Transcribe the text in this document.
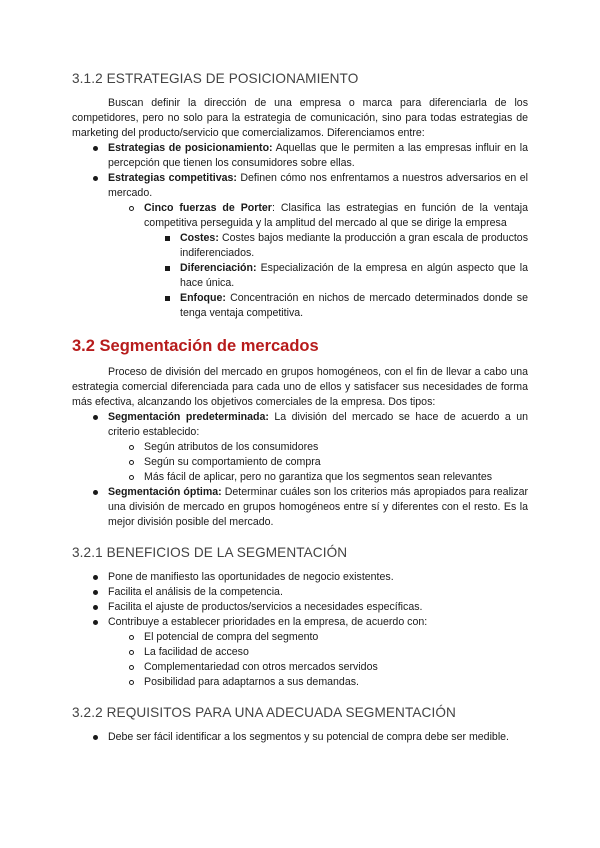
3.1.2 ESTRATEGIAS DE POSICIONAMIENTO

Buscan definir la dirección de una empresa o marca para diferenciarla de los competidores, pero no solo para la estrategia de comunicación, sino para todas estrategias de marketing del producto/servicio que comercializamos. Diferenciamos entre:

Estrategias de posicionamiento: Aquellas que le permiten a las empresas influir en la percepción que tienen los consumidores sobre ellas.
Estrategias competitivas: Definen cómo nos enfrentamos a nuestros adversarios en el mercado.
Cinco fuerzas de Porter: Clasifica las estrategias en función de la ventaja competitiva perseguida y la amplitud del mercado al que se dirige la empresa
Costes: Costes bajos mediante la producción a gran escala de productos indiferenciados.
Diferenciación: Especialización de la empresa en algún aspecto que la hace única.
Enfoque: Concentración en nichos de mercado determinados donde se tenga ventaja competitiva.
3.2 Segmentación de mercados

Proceso de división del mercado en grupos homogéneos, con el fin de llevar a cabo una estrategia comercial diferenciada para cada uno de ellos y satisfacer sus necesidades de forma más efectiva, alcanzando los objetivos comerciales de la empresa. Dos tipos:

Segmentación predeterminada: La división del mercado se hace de acuerdo a un criterio establecido:
Según atributos de los consumidores
Según su comportamiento de compra
Más fácil de aplicar, pero no garantiza que los segmentos sean relevantes
Segmentación óptima: Determinar cuáles son los criterios más apropiados para realizar una división de mercado en grupos homogéneos entre sí y diferentes con el resto. Es la mejor división posible del mercado.
3.2.1 BENEFICIOS DE LA SEGMENTACIÓN
Pone de manifiesto las oportunidades de negocio existentes.
Facilita el análisis de la competencia.
Facilita el ajuste de productos/servicios a necesidades específicas.
Contribuye a establecer prioridades en la empresa, de acuerdo con:
El potencial de compra del segmento
La facilidad de acceso
Complementariedad con otros mercados servidos
Posibilidad para adaptarnos a sus demandas.
3.2.2 REQUISITOS PARA UNA ADECUADA SEGMENTACIÓN
Debe ser fácil identificar a los segmentos y su potencial de compra debe ser medible.
